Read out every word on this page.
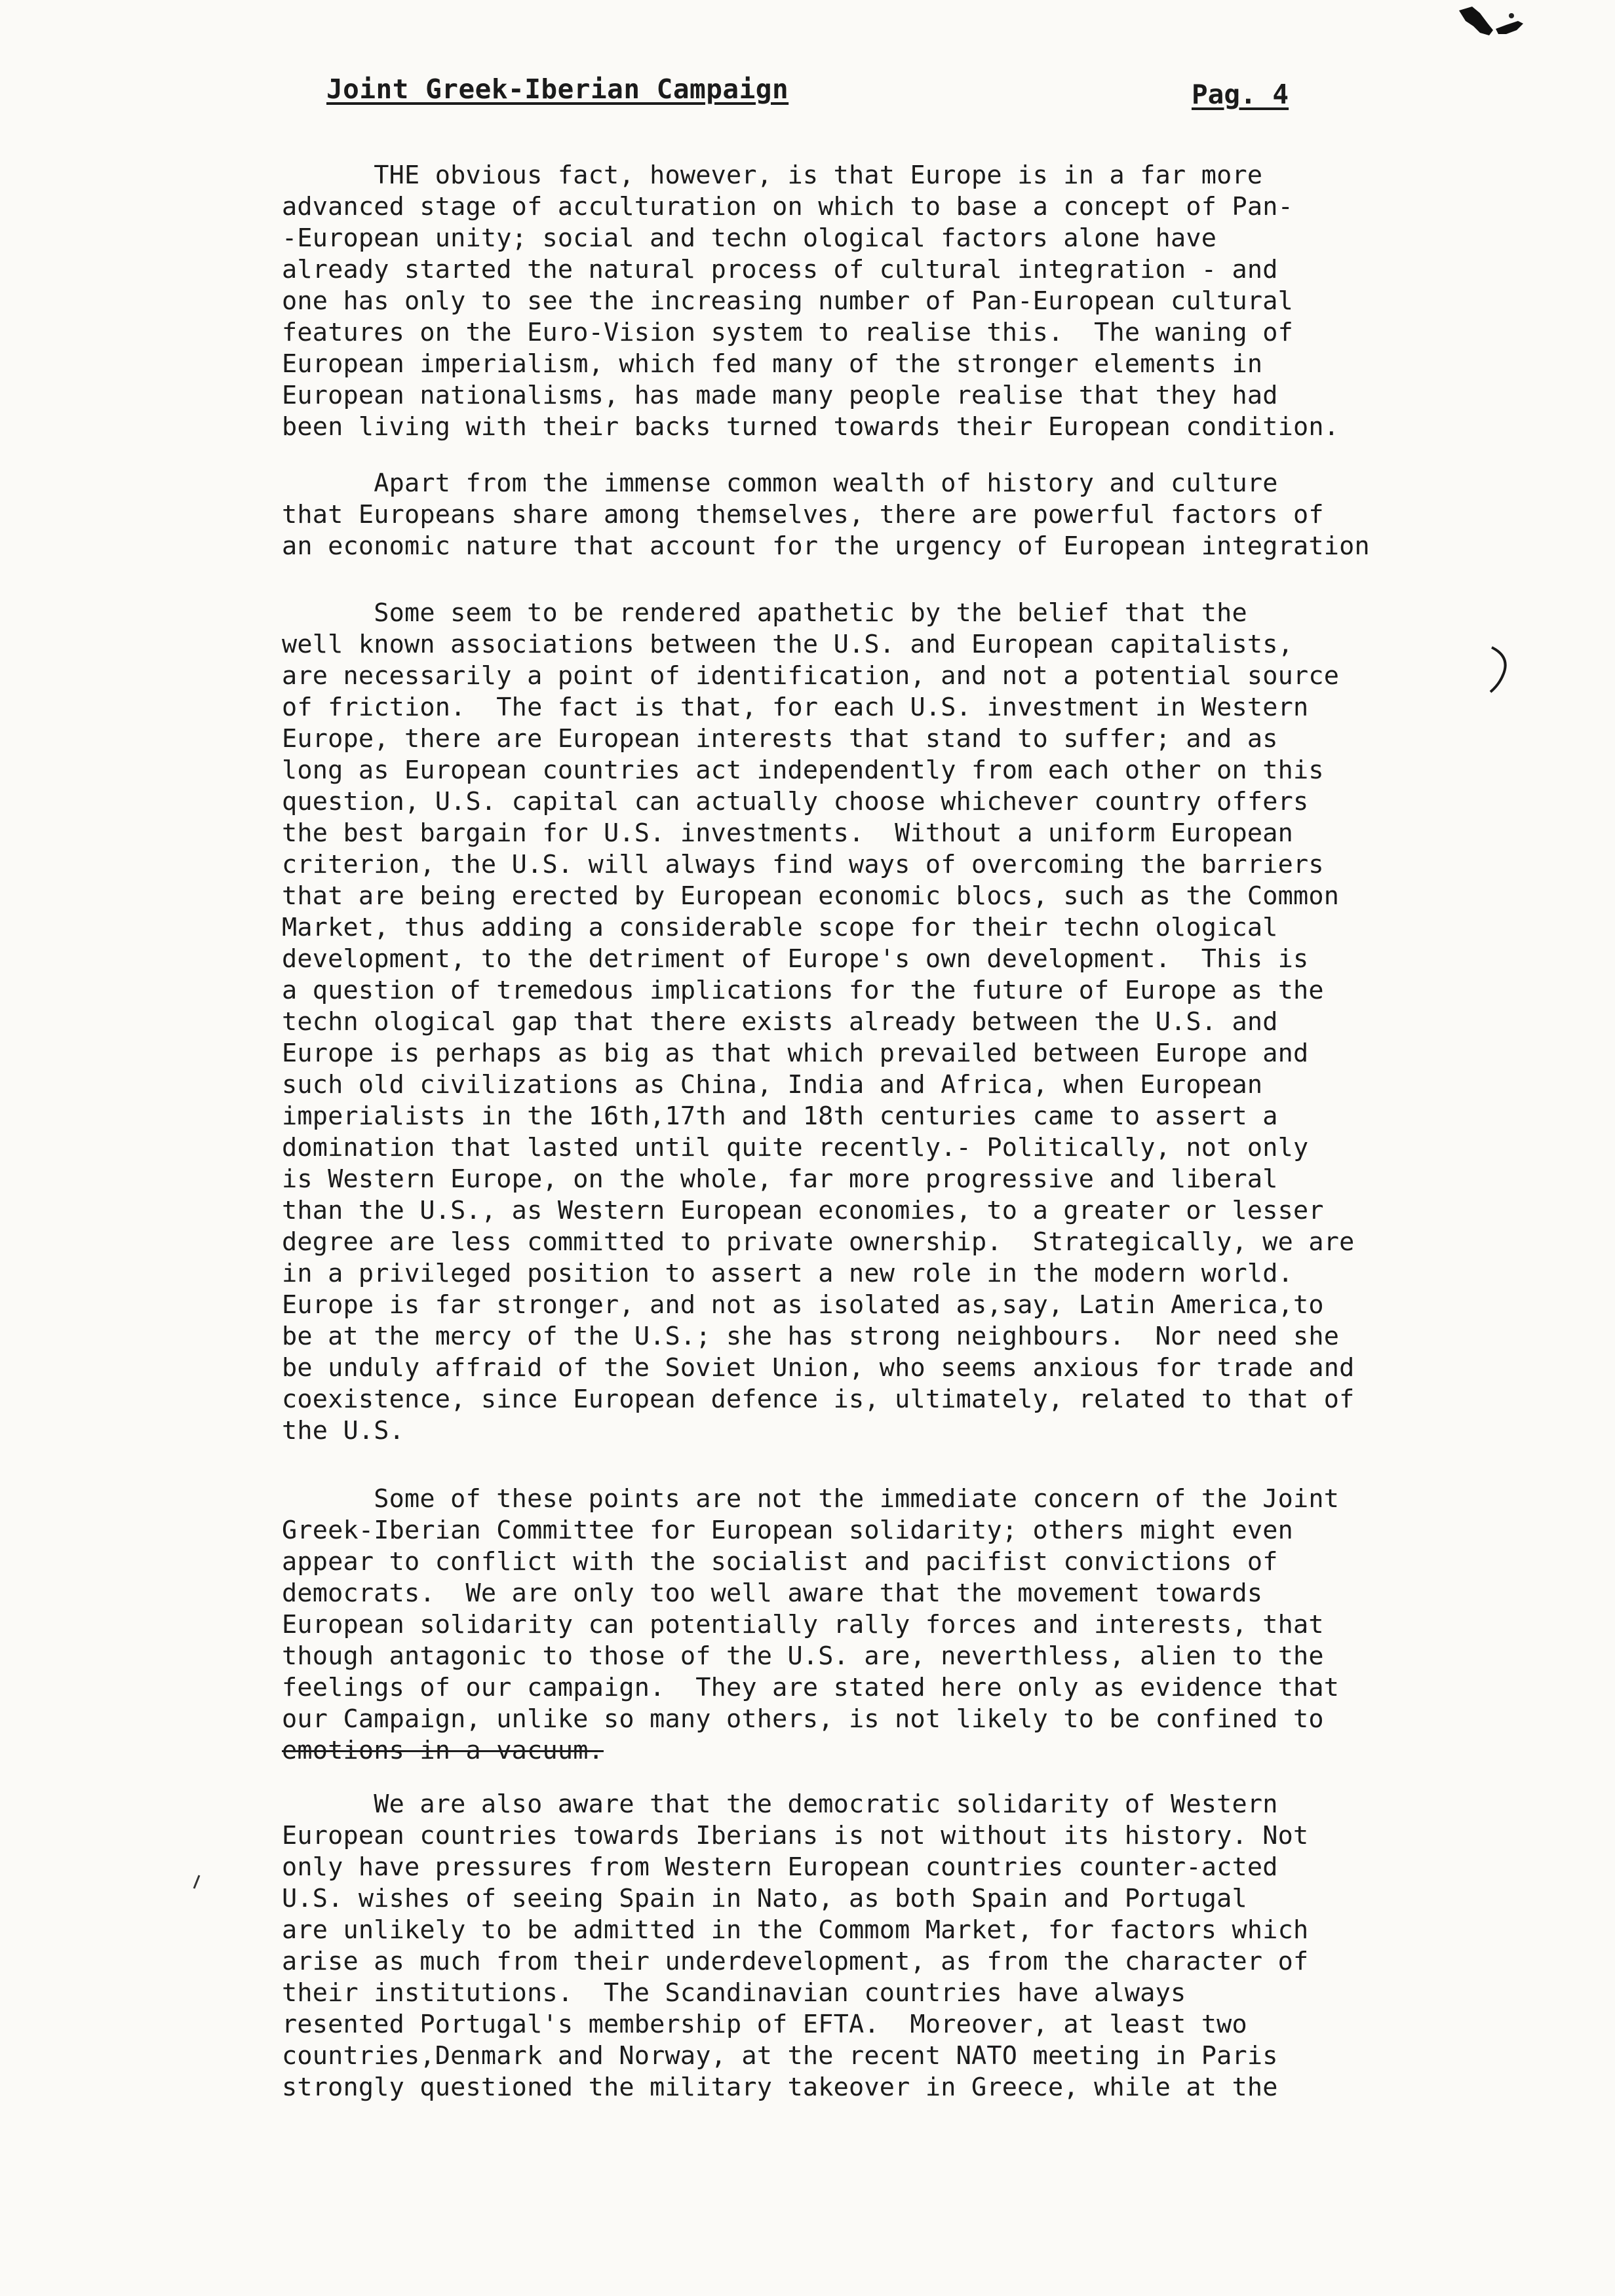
Joint Greek-Iberian Campaign	Pag. 4
THE obvious fact, however, is that Europe is in a far more
advanced stage of acculturation on which to base a concept of Pan-
-European unity; social and techn ological factors alone have
already started the natural process of cultural integration - and
one has only to see the increasing number of Pan-European cultural
features on the Euro-Vision system to realise this.  The waning of
European imperialism, which fed many of the stronger elements in
European nationalisms, has made many people realise that they had
been living with their backs turned towards their European condition.
Apart from the immense common wealth of history and culture
that Europeans share among themselves, there are powerful factors of
an economic nature that account for the urgency of European integration
Some seem to be rendered apathetic by the belief that the
well known associations between the U.S. and European capitalists,
are necessarily a point of identification, and not a potential source
of friction.  The fact is that, for each U.S. investment in Western
Europe, there are European interests that stand to suffer; and as
long as European countries act independently from each other on this
question, U.S. capital can actually choose whichever country offers
the best bargain for U.S. investments.  Without a uniform European
criterion, the U.S. will always find ways of overcoming the barriers
that are being erected by European economic blocs, such as the Common
Market, thus adding a considerable scope for their techn ological
development, to the detriment of Europe's own development.  This is
a question of tremedous implications for the future of Europe as the
techn ological gap that there exists already between the U.S. and
Europe is perhaps as big as that which prevailed between Europe and
such old civilizations as China, India and Africa, when European
imperialists in the 16th,17th and 18th centuries came to assert a
domination that lasted until quite recently.- Politically, not only
is Western Europe, on the whole, far more progressive and liberal
than the U.S., as Western European economies, to a greater or lesser
degree are less committed to private ownership.  Strategically, we are
in a privileged position to assert a new role in the modern world.
Europe is far stronger, and not as isolated as,say, Latin America,to
be at the mercy of the U.S.; she has strong neighbours.  Nor need she
be unduly affraid of the Soviet Union, who seems anxious for trade and
coexistence, since European defence is, ultimately, related to that of
the U.S.
Some of these points are not the immediate concern of the Joint
Greek-Iberian Committee for European solidarity; others might even
appear to conflict with the socialist and pacifist convictions of
democrats.  We are only too well aware that the movement towards
European solidarity can potentially rally forces and interests, that
though antagonic to those of the U.S. are, neverthless, alien to the
feelings of our campaign.  They are stated here only as evidence that
our Campaign, unlike so many others, is not likely to be confined to
emotions in a vacuum.
We are also aware that the democratic solidarity of Western
European countries towards Iberians is not without its history. Not
only have pressures from Western European countries counter-acted
U.S. wishes of seeing Spain in Nato, as both Spain and Portugal
are unlikely to be admitted in the Commom Market, for factors which
arise as much from their underdevelopment, as from the character of
their institutions.  The Scandinavian countries have always
resented Portugal's membership of EFTA.  Moreover, at least two
countries,Denmark and Norway, at the recent NATO meeting in Paris
strongly questioned the military takeover in Greece, while at the
